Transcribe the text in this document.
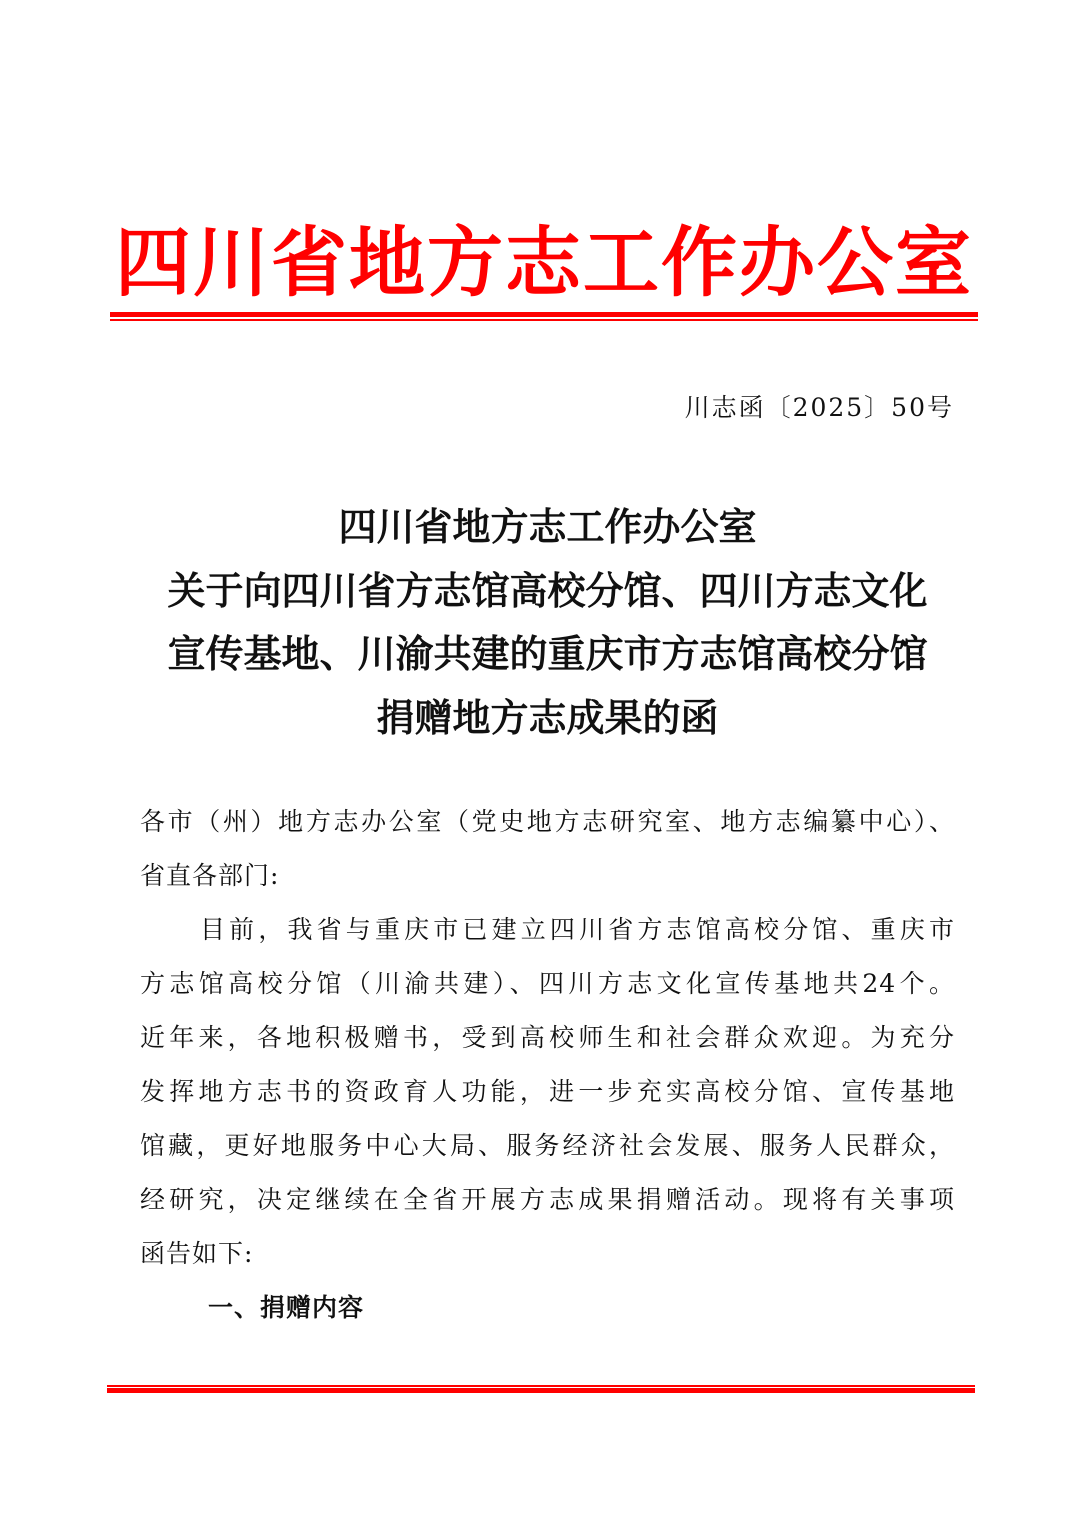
四川省地方志工作办公室
川志函〔2025〕50号
四川省地方志工作办公室
关于向四川省方志馆高校分馆、四川方志文化
宣传基地、川渝共建的重庆市方志馆高校分馆
捐赠地方志成果的函
各市（州）地方志办公室（党史地方志研究室、地方志编纂中心）、
省直各部门:
目前，我省与重庆市已建立四川省方志馆高校分馆、重庆市
方志馆高校分馆（川渝共建）、四川方志文化宣传基地共24个。
近年来，各地积极赠书，受到高校师生和社会群众欢迎。为充分
发挥地方志书的资政育人功能，进一步充实高校分馆、宣传基地
馆藏，更好地服务中心大局、服务经济社会发展、服务人民群众，
经研究，决定继续在全省开展方志成果捐赠活动。现将有关事项
函告如下:
一、捐赠内容
